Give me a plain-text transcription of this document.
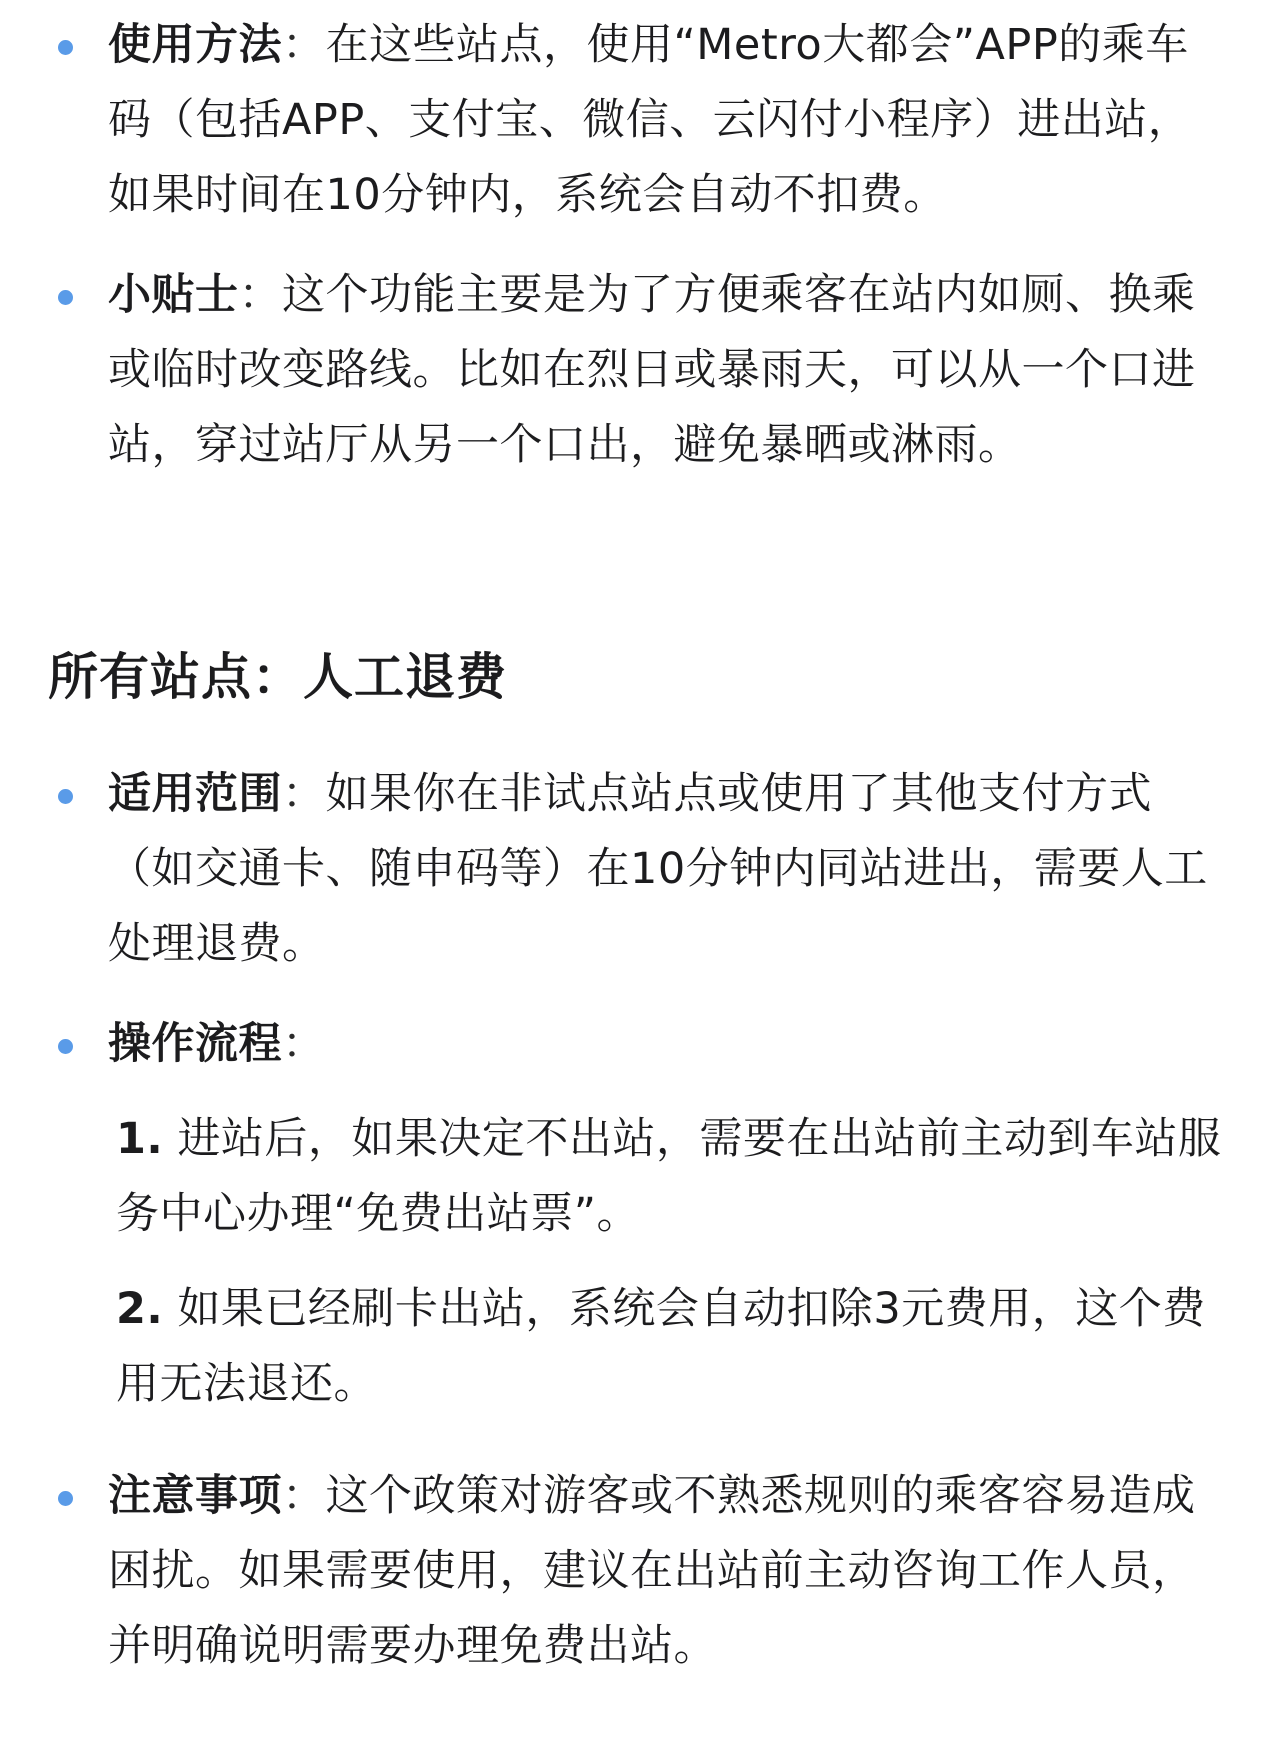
使用方法：在这些站点，使用“Metro大都会”APP的乘车码（包括APP、支付宝、微信、云闪付小程序）进出站，如果时间在10分钟内，系统会自动不扣费。
小贴士：这个功能主要是为了方便乘客在站内如厕、换乘或临时改变路线。比如在烈日或暴雨天，可以从一个口进站，穿过站厅从另一个口出，避免暴晒或淋雨。
所有站点：人工退费
适用范围：如果你在非试点站点或使用了其他支付方式（如交通卡、随申码等）在10分钟内同站进出，需要人工处理退费。
操作流程：
1. 进站后，如果决定不出站，需要在出站前主动到车站服务中心办理“免费出站票”。
2. 如果已经刷卡出站，系统会自动扣除3元费用，这个费用无法退还。
注意事项：这个政策对游客或不熟悉规则的乘客容易造成困扰。如果需要使用，建议在出站前主动咨询工作人员，并明确说明需要办理免费出站。
